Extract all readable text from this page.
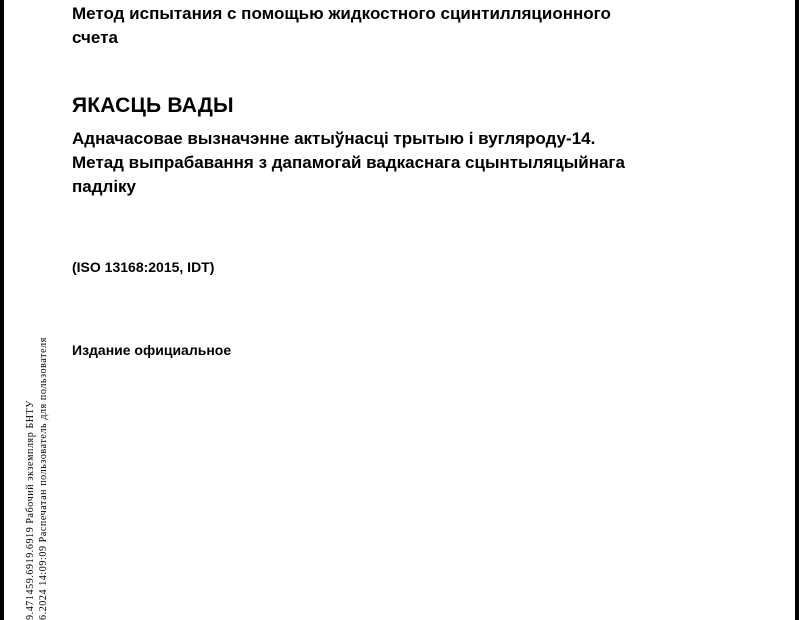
Метод испытания с помощью жидкостного сцинтилляционного
счета
ЯКАСЦЬ ВАДЫ
Адначасовае вызначэнне актыўнасці трытыю і вугляроду-14.
Метад выпрабавання з дапамогай вадкаснага сцынтыляцыйнага
падліку
(ISO 13168:2015, IDT)
Издание официальное
9.471459.6919.6919 Рабочий экземпляр БНТУ 6.2024 14:09:09 Распечатан пользователь для пользователя
